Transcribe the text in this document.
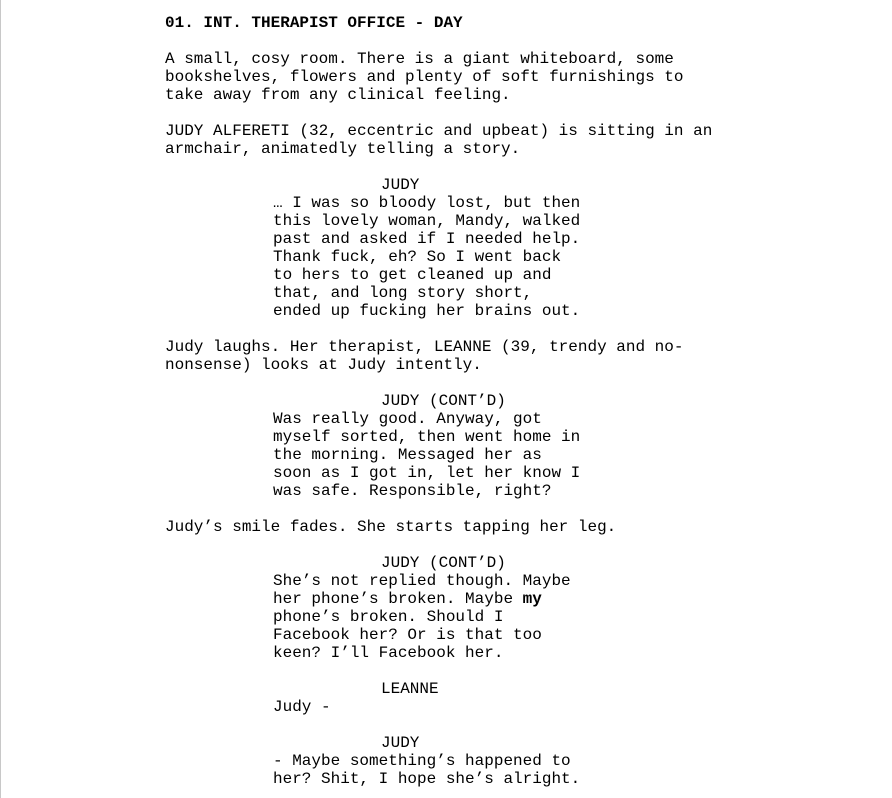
01. INT. THERAPIST OFFICE - DAY
A small, cosy room. There is a giant whiteboard, some
bookshelves, flowers and plenty of soft furnishings to
take away from any clinical feeling.
JUDY ALFERETI (32, eccentric and upbeat) is sitting in an
armchair, animatedly telling a story.
JUDY
… I was so bloody lost, but then
this lovely woman, Mandy, walked
past and asked if I needed help.
Thank fuck, eh? So I went back
to hers to get cleaned up and
that, and long story short,
ended up fucking her brains out.
Judy laughs. Her therapist, LEANNE (39, trendy and no-
nonsense) looks at Judy intently.
JUDY (CONT’D)
Was really good. Anyway, got
myself sorted, then went home in
the morning. Messaged her as
soon as I got in, let her know I
was safe. Responsible, right?
Judy’s smile fades. She starts tapping her leg.
JUDY (CONT’D)
She’s not replied though. Maybe
her phone’s broken. Maybe my
phone’s broken. Should I
Facebook her? Or is that too
keen? I’ll Facebook her.
LEANNE
Judy -
JUDY
- Maybe something’s happened to
her? Shit, I hope she’s alright.
